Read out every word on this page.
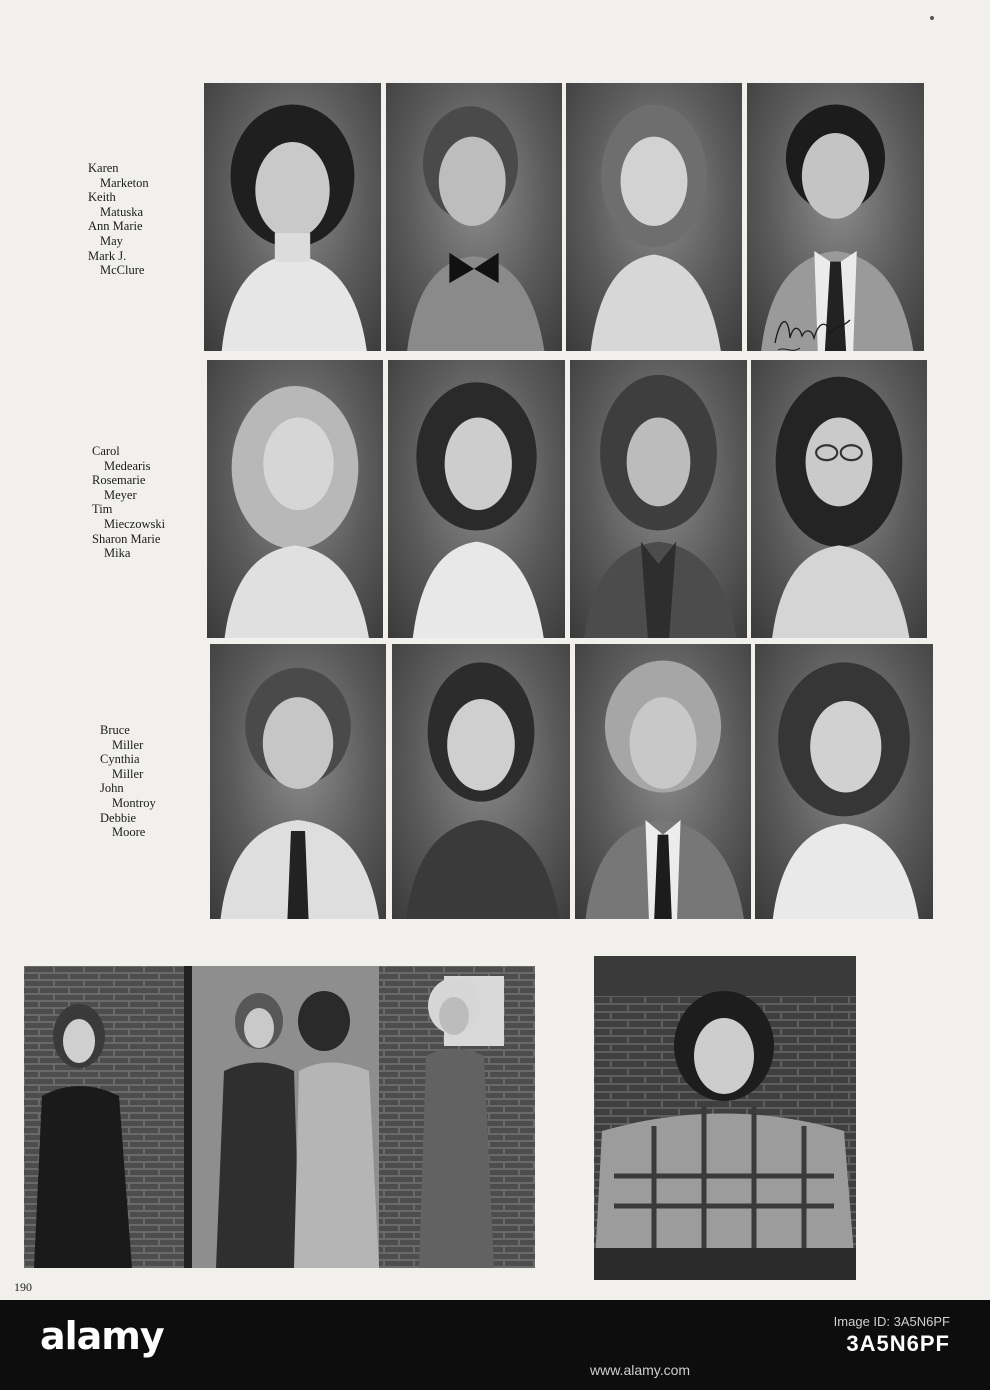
Karen
Marketon
Keith
Matuska
Ann Marie
May
Mark J.
McClure
Carol
Medearis
Rosemarie
Meyer
Tim
Mieczowski
Sharon Marie
Mika
Bruce
Miller
Cynthia
Miller
John
Montroy
Debbie
Moore
190
alamy	Image ID: 3A5N6PF
3A5N6PF
www.alamy.com
